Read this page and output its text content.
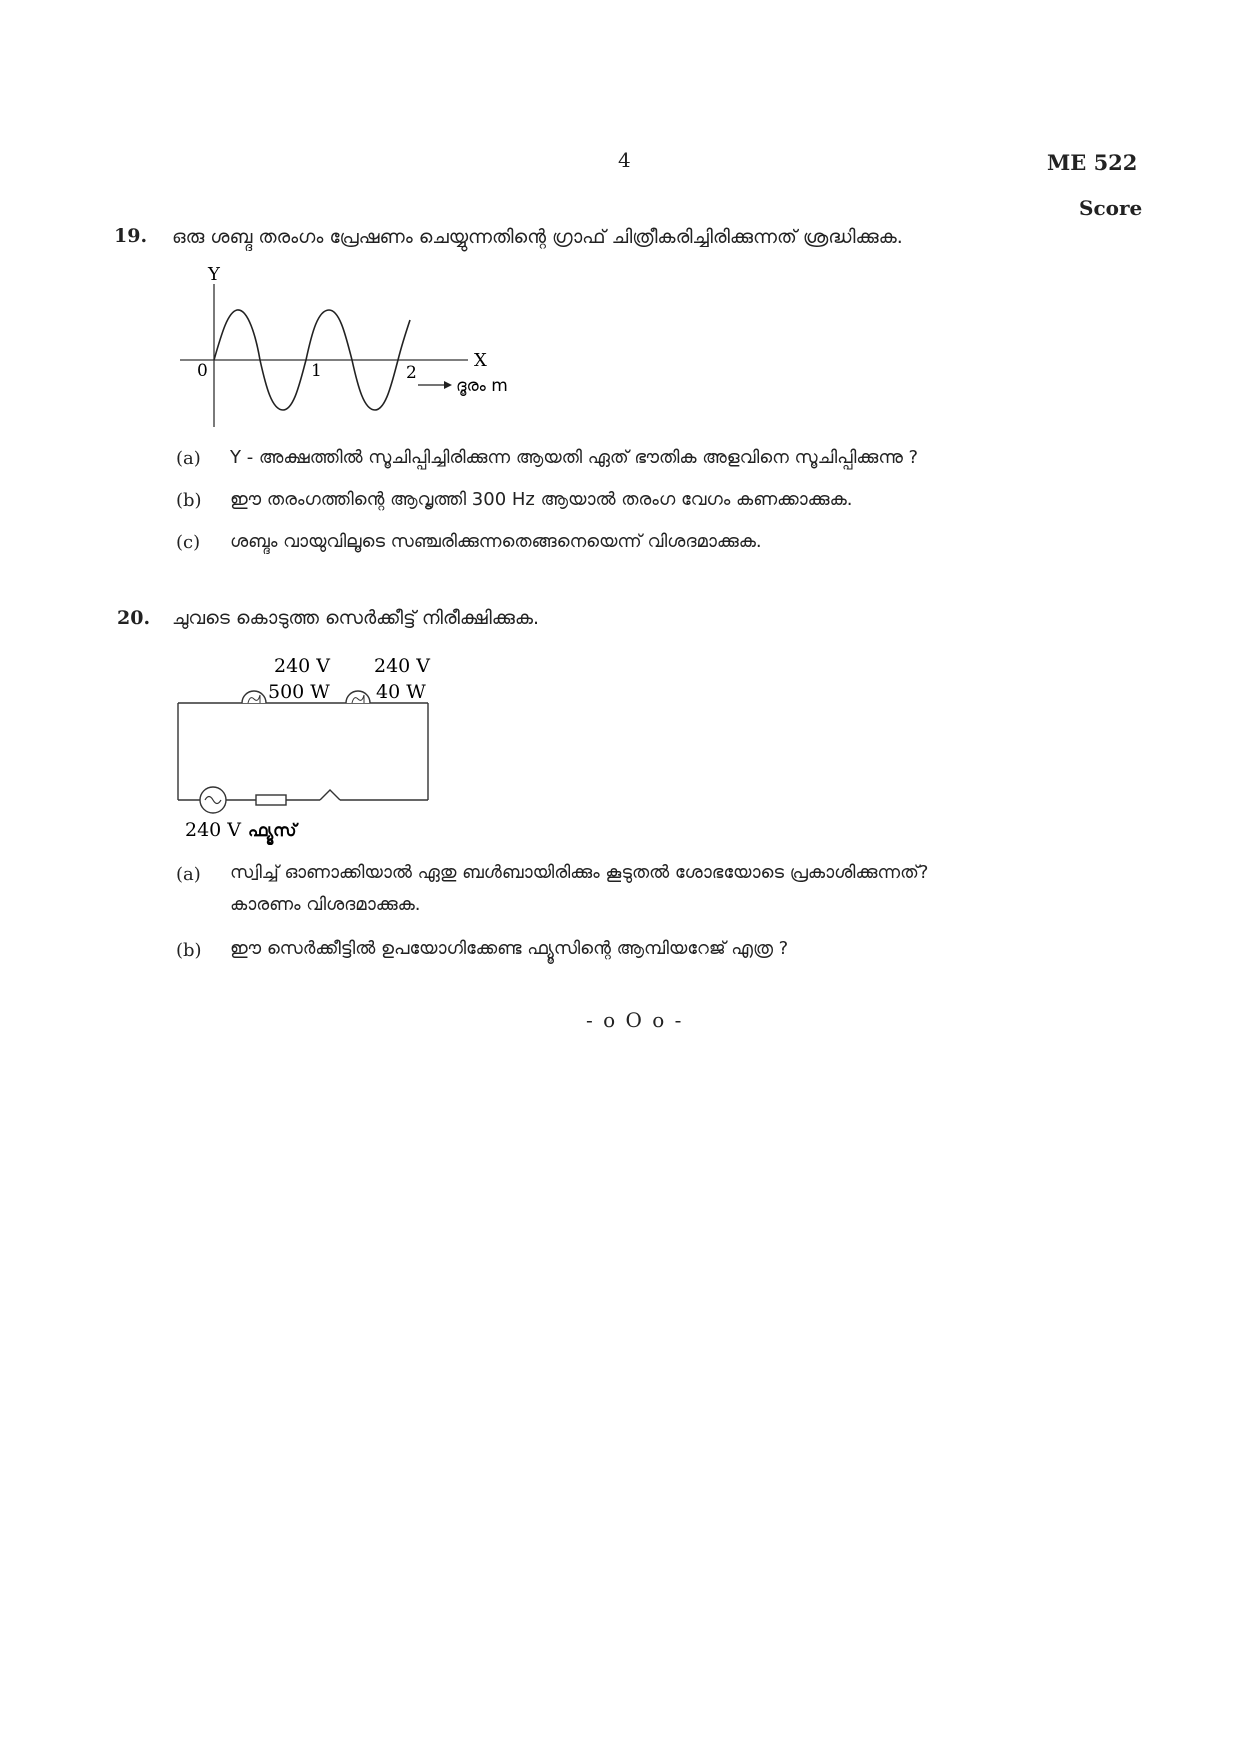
4	ME 522
Score
19. ഒരു ശബ്ദ തരംഗം പ്രേഷണം ചെയ്യുന്നതിന്റെ ഗ്രാഫ് ചിത്രീകരിച്ചിരിക്കുന്നത് ശ്രദ്ധിക്കുക.
Y
X
0	1	2
ദൂരം m
(a) Y - അക്ഷത്തിൽ സൂചിപ്പിച്ചിരിക്കുന്ന ആയതി ഏത് ഭൗതിക അളവിനെ സൂചിപ്പിക്കുന്നു ?
(b) ഈ തരംഗത്തിന്റെ ആവൃത്തി 300 Hz ആയാൽ തരംഗ വേഗം കണക്കാക്കുക.
(c) ശബ്ദം വായുവിലൂടെ സഞ്ചരിക്കുന്നതെങ്ങനെയെന്ന് വിശദമാക്കുക.
20. ചുവടെ കൊടുത്ത സെർക്കീട്ട് നിരീക്ഷിക്കുക.
240 V 240 V
500 W 40 W
240 V ഫ്യൂസ്
(a) സ്വിച്ച് ഓണാക്കിയാൽ ഏതു ബൾബായിരിക്കും കൂടുതൽ ശോഭയോടെ പ്രകാശിക്കുന്നത്?
കാരണം വിശദമാക്കുക.
(b) ഈ സെർക്കീട്ടിൽ ഉപയോഗിക്കേണ്ട ഫ്യൂസിന്റെ ആമ്പിയറേജ് എത്ര ?
- o O o -
